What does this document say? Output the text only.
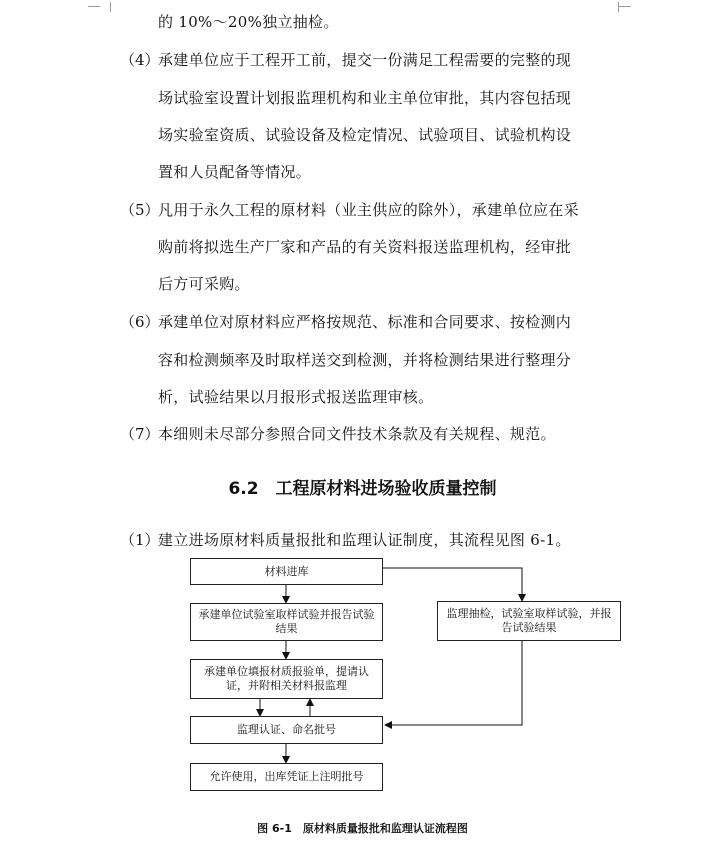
的 10%～20%独立抽检。
（4）
承建单位应于工程开工前，提交一份满足工程需要的完整的现
场试验室设置计划报监理机构和业主单位审批，其内容包括现
场实验室资质、试验设备及检定情况、试验项目、试验机构设
置和人员配备等情况。
（5）
凡用于永久工程的原材料（业主供应的除外），承建单位应在采
购前将拟选生产厂家和产品的有关资料报送监理机构，经审批
后方可采购。
（6）
承建单位对原材料应严格按规范、标准和合同要求、按检测内
容和检测频率及时取样送交到检测，并将检测结果进行整理分
析，试验结果以月报形式报送监理审核。
（7）
本细则未尽部分参照合同文件技术条款及有关规程、规范。
6.2　工程原材料进场验收质量控制
（1）
建立进场原材料质量报批和监理认证制度，其流程见图 6-1。
材料进库
承建单位试验室取样试验并报告试验结果
承建单位填报材质报验单，提请认证，并附相关材料报监理
监理认证、命名批号
允许使用，出库凭证上注明批号
监理抽检，试验室取样试验，并报告试验结果
图 6-1　原材料质量报批和监理认证流程图
